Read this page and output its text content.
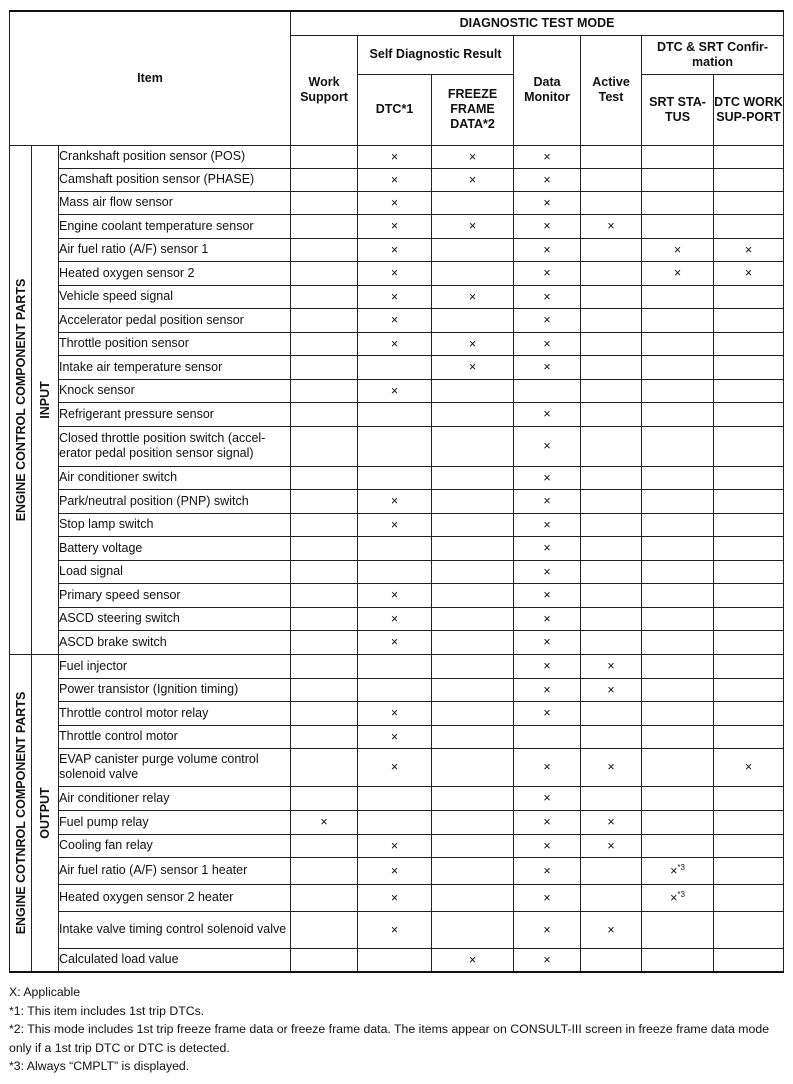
Item			DIAGNOSTIC TEST MODE						
			Work Support	Self Diagnostic Result		Data Monitor	Active Test	DTC & SRT Confir-mation	
				DTC*1	FREEZE FRAME DATA*2			SRT STA-TUS	DTC WORK SUP-PORT

ENGINE CONTROL COMPONENT PARTS	INPUT	Crankshaft position sensor (POS)		×	×	×			
		Camshaft position sensor (PHASE)		×	×	×			
		Mass air flow sensor		×		×			
		Engine coolant temperature sensor		×	×	×	×		
		Air fuel ratio (A/F) sensor 1		×		×		×	×
		Heated oxygen sensor 2		×		×		×	×
		Vehicle speed signal		×	×	×			
		Accelerator pedal position sensor		×		×			
		Throttle position sensor		×	×	×			
		Intake air temperature sensor			×	×			
		Knock sensor		×					
		Refrigerant pressure sensor				×			
		Closed throttle position switch (accel-erator pedal position sensor signal)				×			
		Air conditioner switch				×			
		Park/neutral position (PNP) switch		×		×			
		Stop lamp switch		×		×			
		Battery voltage				×			
		Load signal				×			
		Primary speed sensor		×		×			
		ASCD steering switch		×		×			
		ASCD brake switch		×		×			

ENGINE COTNROL COMPONENT PARTS	OUTPUT	Fuel injector				×	×		
		Power transistor (Ignition timing)				×	×		
		Throttle control motor relay		×		×			
		Throttle control motor		×					
		EVAP canister purge volume control solenoid valve		×		×	×		×
		Air conditioner relay				×			
		Fuel pump relay	×			×	×		
		Cooling fan relay		×		×	×		
		Air fuel ratio (A/F) sensor 1 heater		×		×		×$^{*3}$	
		Heated oxygen sensor 2 heater		×		×		×$^{*3}$	
		Intake valve timing control solenoid valve		×		×	×		
		Calculated load value			×	×			
X: Applicable
*1: This item includes 1st trip DTCs.
*2: This mode includes 1st trip freeze frame data or freeze frame data. The items appear on CONSULT-III screen in freeze frame data mode only if a 1st trip DTC or DTC is detected.
*3: Always “CMPLT” is displayed.
